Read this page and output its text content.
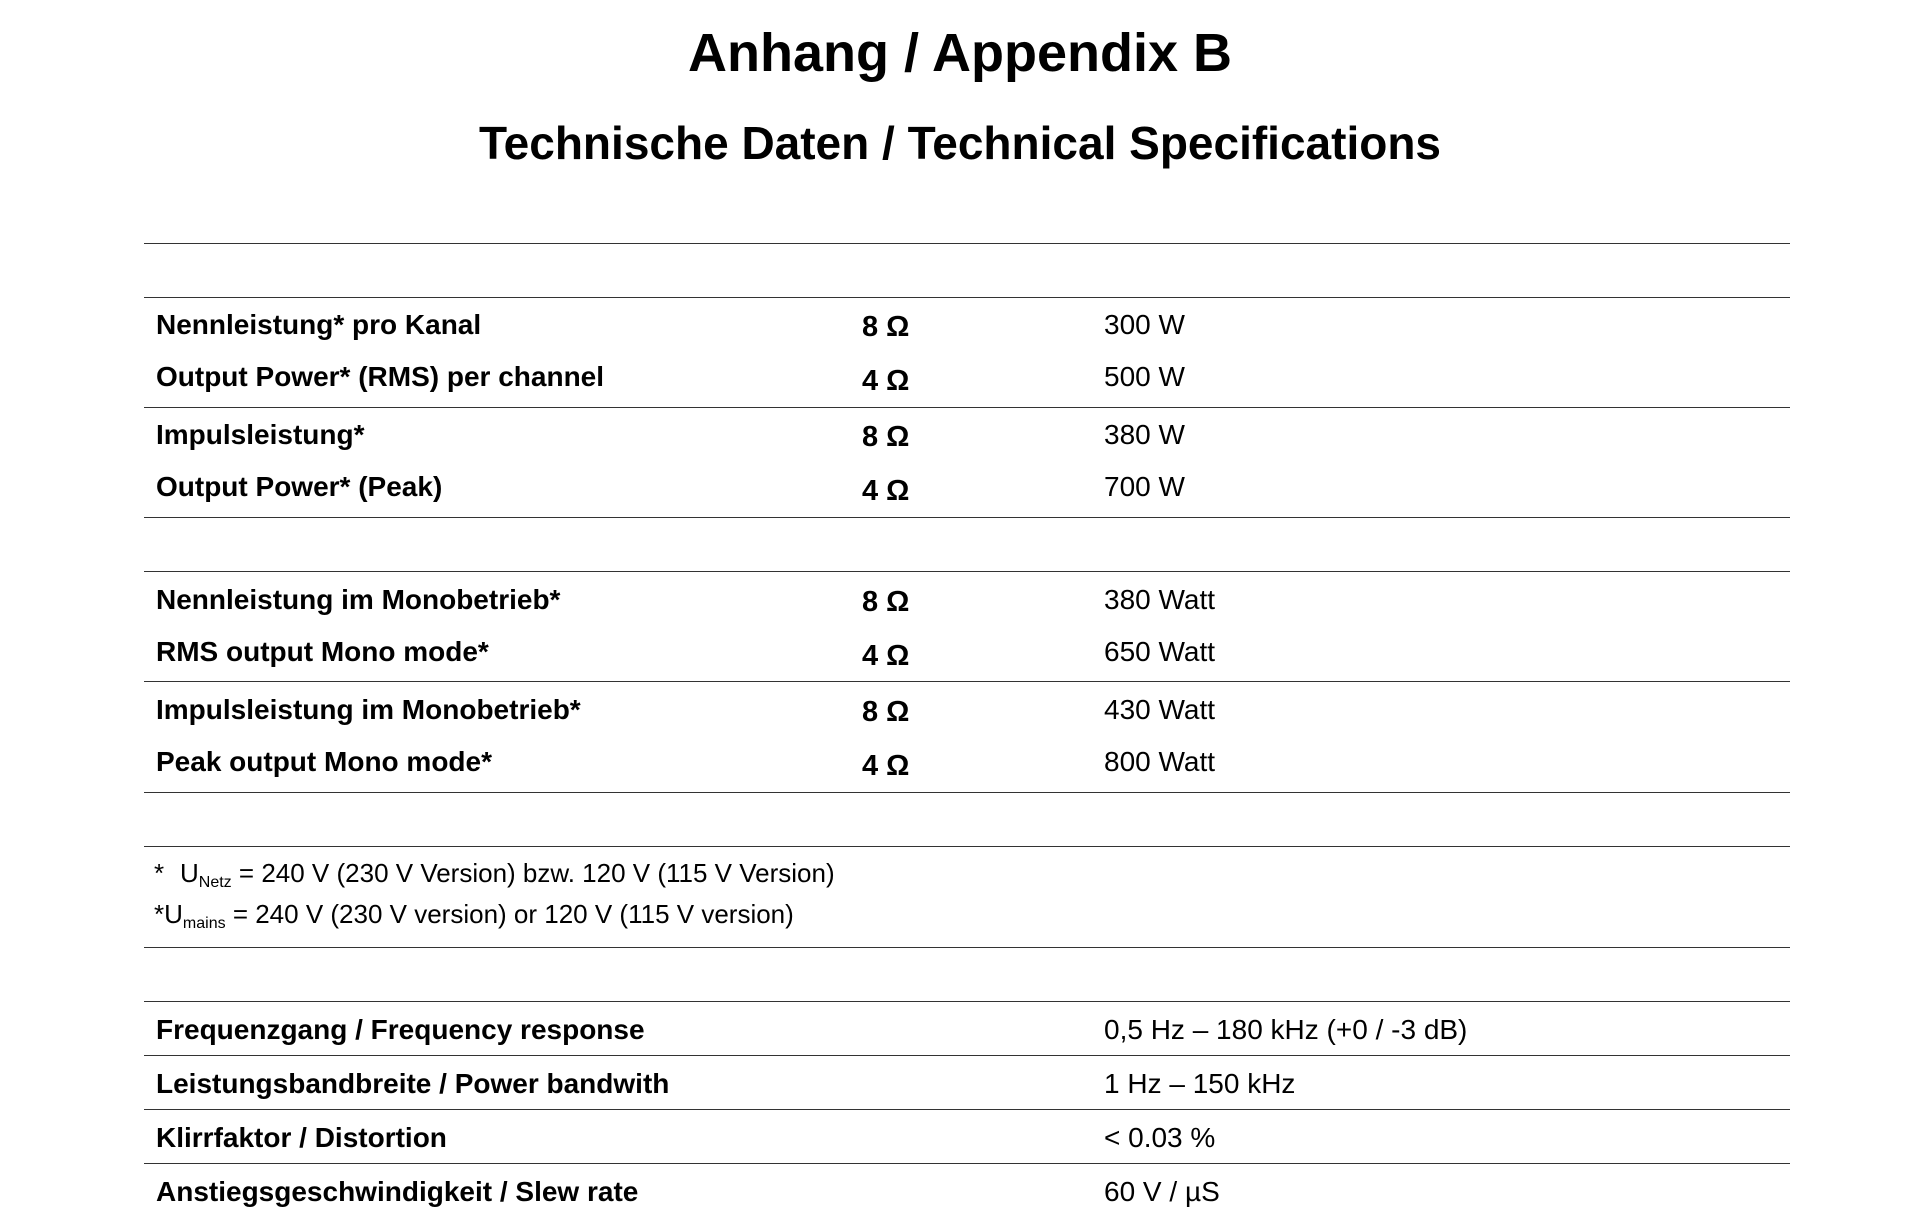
Anhang / Appendix B
Technische Daten / Technical Specifications
Nennleistung* pro Kanal	8 Ω	300 W
Output Power* (RMS) per channel	4 Ω	500 W
Impulsleistung*	8 Ω	380 W
Output Power* (Peak)	4 Ω	700 W
Nennleistung im Monobetrieb*	8 Ω	380 Watt
RMS output Mono mode*	4 Ω	650 Watt
Impulsleistung im Monobetrieb*	8 Ω	430 Watt
Peak output Mono mode*	4 Ω	800 Watt
* $U_{Netz} = 240$ V (230 V Version) bzw. 120 V (115 V Version)
$*U_{mains} = 240$ V (230 V version) or 120 V (115 V version)
Frequenzgang / Frequency response	0,5 Hz – 180 kHz (+0 / -3 dB)
Leistungsbandbreite / Power bandwith	1 Hz – 150 kHz
Klirrfaktor / Distortion	< 0.03 %
Anstiegsgeschwindigkeit / Slew rate	60 V / µS
